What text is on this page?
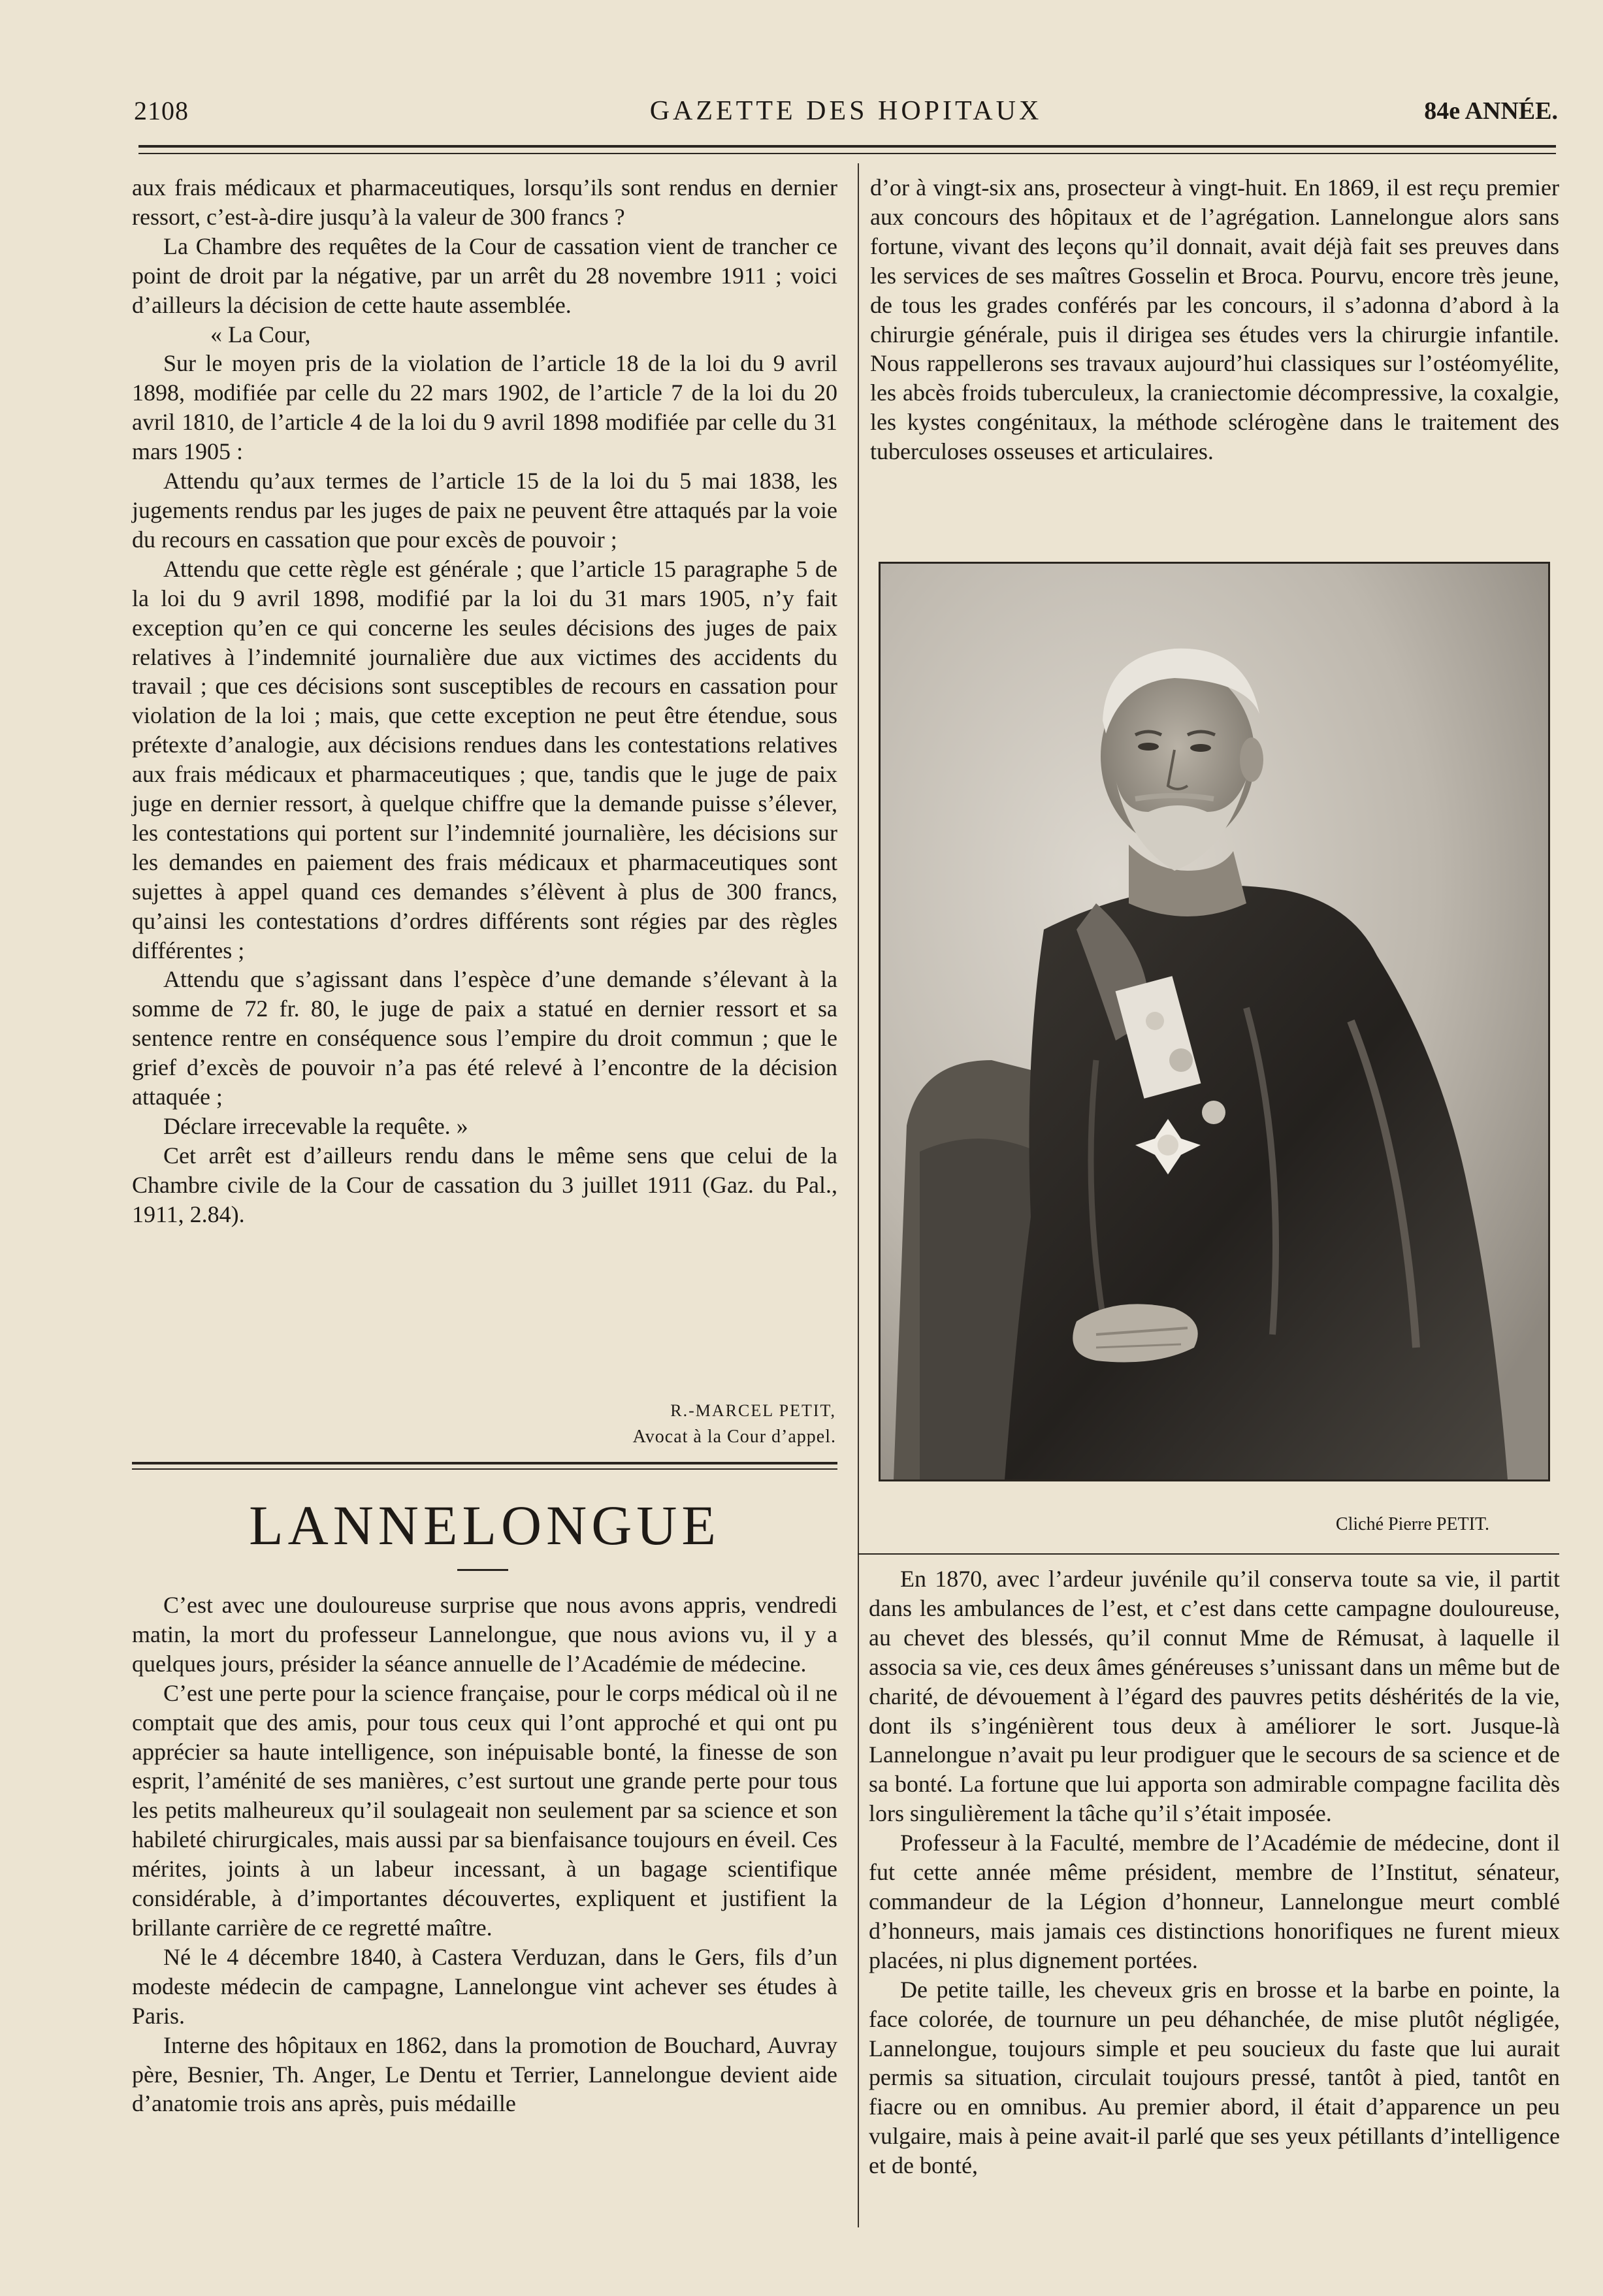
2108	GAZETTE DES HOPITAUX	84e ANNÉE.

aux frais médicaux et pharmaceutiques, lorsqu’ils sont rendus en dernier ressort, c’est-à-dire jusqu’à la valeur de 300 francs ?

La Chambre des requêtes de la Cour de cassation vient de trancher ce point de droit par la négative, par un arrêt du 28 novembre 1911 ; voici d’ailleurs la décision de cette haute assemblée.

« La Cour,

Sur le moyen pris de la violation de l’article 18 de la loi du 9 avril 1898, modifiée par celle du 22 mars 1902, de l’article 7 de la loi du 20 avril 1810, de l’article 4 de la loi du 9 avril 1898 modifiée par celle du 31 mars 1905 :

Attendu qu’aux termes de l’article 15 de la loi du 5 mai 1838, les jugements rendus par les juges de paix ne peuvent être attaqués par la voie du recours en cassation que pour excès de pouvoir ;

Attendu que cette règle est générale ; que l’article 15 paragraphe 5 de la loi du 9 avril 1898, modifié par la loi du 31 mars 1905, n’y fait exception qu’en ce qui concerne les seules décisions des juges de paix relatives à l’indemnité journalière due aux victimes des accidents du travail ; que ces décisions sont susceptibles de recours en cassation pour violation de la loi ; mais, que cette exception ne peut être étendue, sous prétexte d’analogie, aux décisions rendues dans les contestations relatives aux frais médicaux et pharmaceutiques ; que, tandis que le juge de paix juge en dernier ressort, à quelque chiffre que la demande puisse s’élever, les contestations qui portent sur l’indemnité journalière, les décisions sur les demandes en paiement des frais médicaux et pharmaceutiques sont sujettes à appel quand ces demandes s’élèvent à plus de 300 francs, qu’ainsi les contestations d’ordres différents sont régies par des règles différentes ;

Attendu que s’agissant dans l’espèce d’une demande s’élevant à la somme de 72 fr. 80, le juge de paix a statué en dernier ressort et sa sentence rentre en conséquence sous l’empire du droit commun ; que le grief d’excès de pouvoir n’a pas été relevé à l’encontre de la décision attaquée ;

Déclare irrecevable la requête. »

Cet arrêt est d’ailleurs rendu dans le même sens que celui de la Chambre civile de la Cour de cassation du 3 juillet 1911 (Gaz. du Pal., 1911, 2.84).

R.-MARCEL PETIT,
Avocat à la Cour d’appel.
LANNELONGUE

C’est avec une douloureuse surprise que nous avons appris, vendredi matin, la mort du professeur Lannelongue, que nous avions vu, il y a quelques jours, présider la séance annuelle de l’Académie de médecine.

C’est une perte pour la science française, pour le corps médical où il ne comptait que des amis, pour tous ceux qui l’ont approché et qui ont pu apprécier sa haute intelligence, son inépuisable bonté, la finesse de son esprit, l’aménité de ses manières, c’est surtout une grande perte pour tous les petits malheureux qu’il soulageait non seulement par sa science et son habileté chirurgicales, mais aussi par sa bienfaisance toujours en éveil. Ces mérites, joints à un labeur incessant, à un bagage scientifique considérable, à d’importantes découvertes, expliquent et justifient la brillante carrière de ce regretté maître.

Né le 4 décembre 1840, à Castera Verduzan, dans le Gers, fils d’un modeste médecin de campagne, Lannelongue vint achever ses études à Paris.

Interne des hôpitaux en 1862, dans la promotion de Bouchard, Auvray père, Besnier, Th. Anger, Le Dentu et Terrier, Lannelongue devient aide d’anatomie trois ans après, puis médaille

d’or à vingt-six ans, prosecteur à vingt-huit. En 1869, il est reçu premier aux concours des hôpitaux et de l’agrégation. Lannelongue alors sans fortune, vivant des leçons qu’il donnait, avait déjà fait ses preuves dans les services de ses maîtres Gosselin et Broca. Pourvu, encore très jeune, de tous les grades conférés par les concours, il s’adonna d’abord à la chirurgie générale, puis il dirigea ses études vers la chirurgie infantile. Nous rappellerons ses travaux aujourd’hui classiques sur l’ostéomyélite, les abcès froids tuberculeux, la craniectomie décompressive, la coxalgie, les kystes congénitaux, la méthode sclérogène dans le traitement des tuberculoses osseuses et articulaires.

Cliché Pierre PETIT.

En 1870, avec l’ardeur juvénile qu’il conserva toute sa vie, il partit dans les ambulances de l’est, et c’est dans cette campagne douloureuse, au chevet des blessés, qu’il connut Mme de Rémusat, à laquelle il associa sa vie, ces deux âmes généreuses s’unissant dans un même but de charité, de dévouement à l’égard des pauvres petits déshérités de la vie, dont ils s’ingénièrent tous deux à améliorer le sort. Jusque-là Lannelongue n’avait pu leur prodiguer que le secours de sa science et de sa bonté. La fortune que lui apporta son admirable compagne facilita dès lors singulièrement la tâche qu’il s’était imposée.

Professeur à la Faculté, membre de l’Académie de médecine, dont il fut cette année même président, membre de l’Institut, sénateur, commandeur de la Légion d’honneur, Lannelongue meurt comblé d’honneurs, mais jamais ces distinctions honorifiques ne furent mieux placées, ni plus dignement portées.

De petite taille, les cheveux gris en brosse et la barbe en pointe, la face colorée, de tournure un peu déhanchée, de mise plutôt négligée, Lannelongue, toujours simple et peu soucieux du faste que lui aurait permis sa situation, circulait toujours pressé, tantôt à pied, tantôt en fiacre ou en omnibus. Au premier abord, il était d’apparence un peu vulgaire, mais à peine avait-il parlé que ses yeux pétillants d’intelligence et de bonté,
